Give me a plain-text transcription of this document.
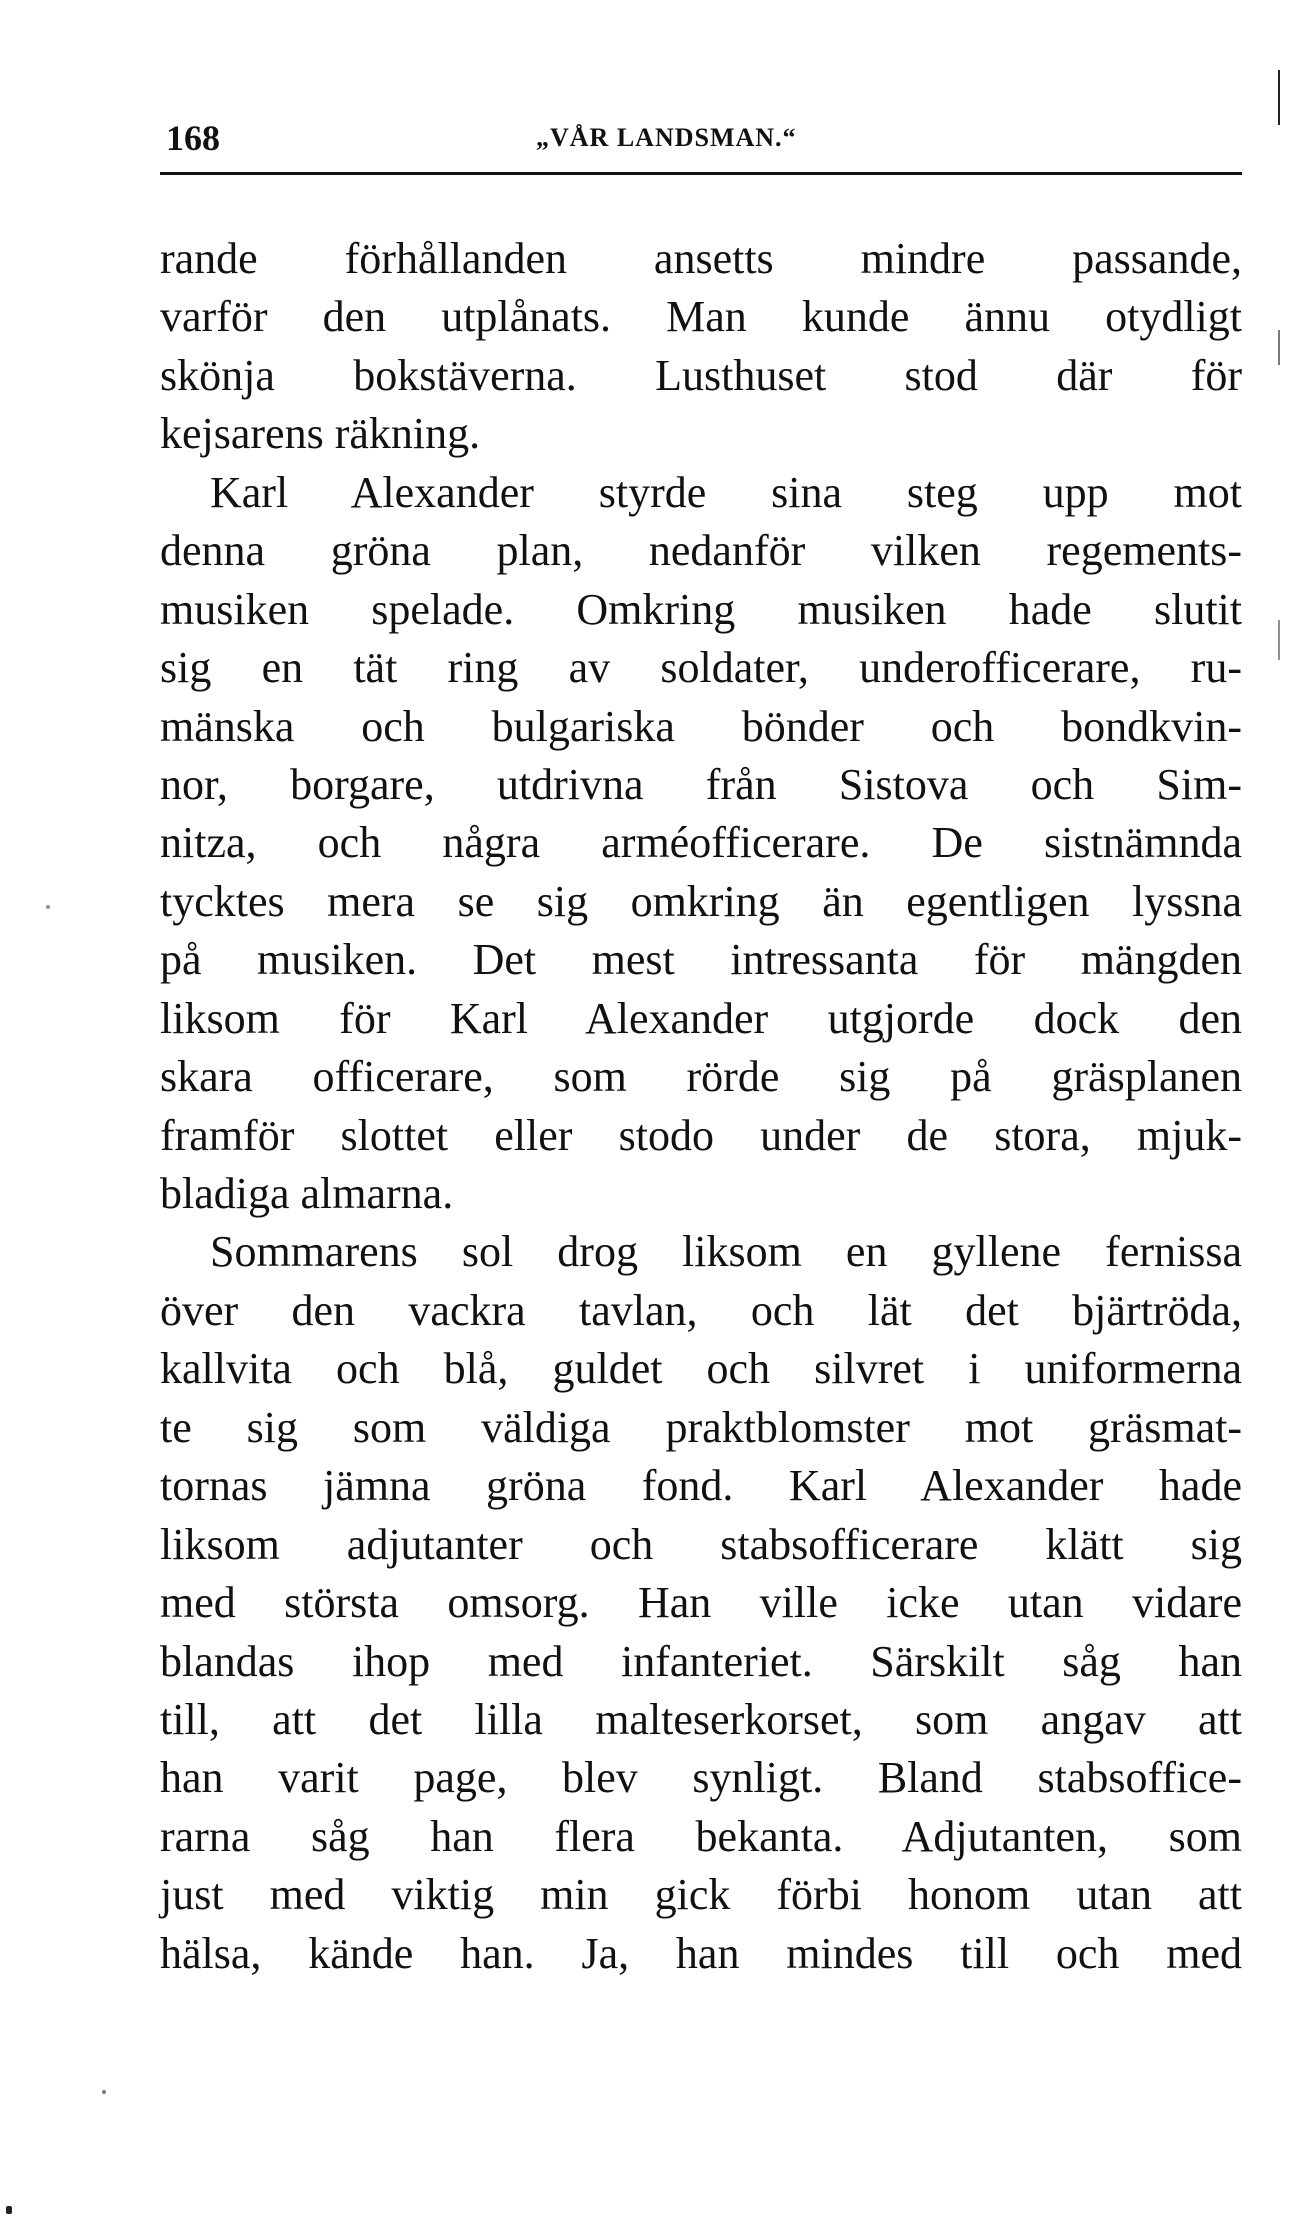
168	„VÅR LANDSMAN.“
rande förhållanden ansetts mindre passande,
varför den utplånats. Man kunde ännu otydligt
skönja bokstäverna. Lusthuset stod där för
kejsarens räkning.
Karl Alexander styrde sina steg upp mot
denna gröna plan, nedanför vilken regements-
musiken spelade. Omkring musiken hade slutit
sig en tät ring av soldater, underofficerare, ru-
mänska och bulgariska bönder och bondkvin-
nor, borgare, utdrivna från Sistova och Sim-
nitza, och några arméofficerare. De sistnämnda
tycktes mera se sig omkring än egentligen lyssna
på musiken. Det mest intressanta för mängden
liksom för Karl Alexander utgjorde dock den
skara officerare, som rörde sig på gräsplanen
framför slottet eller stodo under de stora, mjuk-
bladiga almarna.
Sommarens sol drog liksom en gyllene fernissa
över den vackra tavlan, och lät det bjärtröda,
kallvita och blå, guldet och silvret i uniformerna
te sig som väldiga praktblomster mot gräsmat-
tornas jämna gröna fond. Karl Alexander hade
liksom adjutanter och stabsofficerare klätt sig
med största omsorg. Han ville icke utan vidare
blandas ihop med infanteriet. Särskilt såg han
till, att det lilla malteserkorset, som angav att
han varit page, blev synligt. Bland stabsoffice-
rarna såg han flera bekanta. Adjutanten, som
just med viktig min gick förbi honom utan att
hälsa, kände han. Ja, han mindes till och med
